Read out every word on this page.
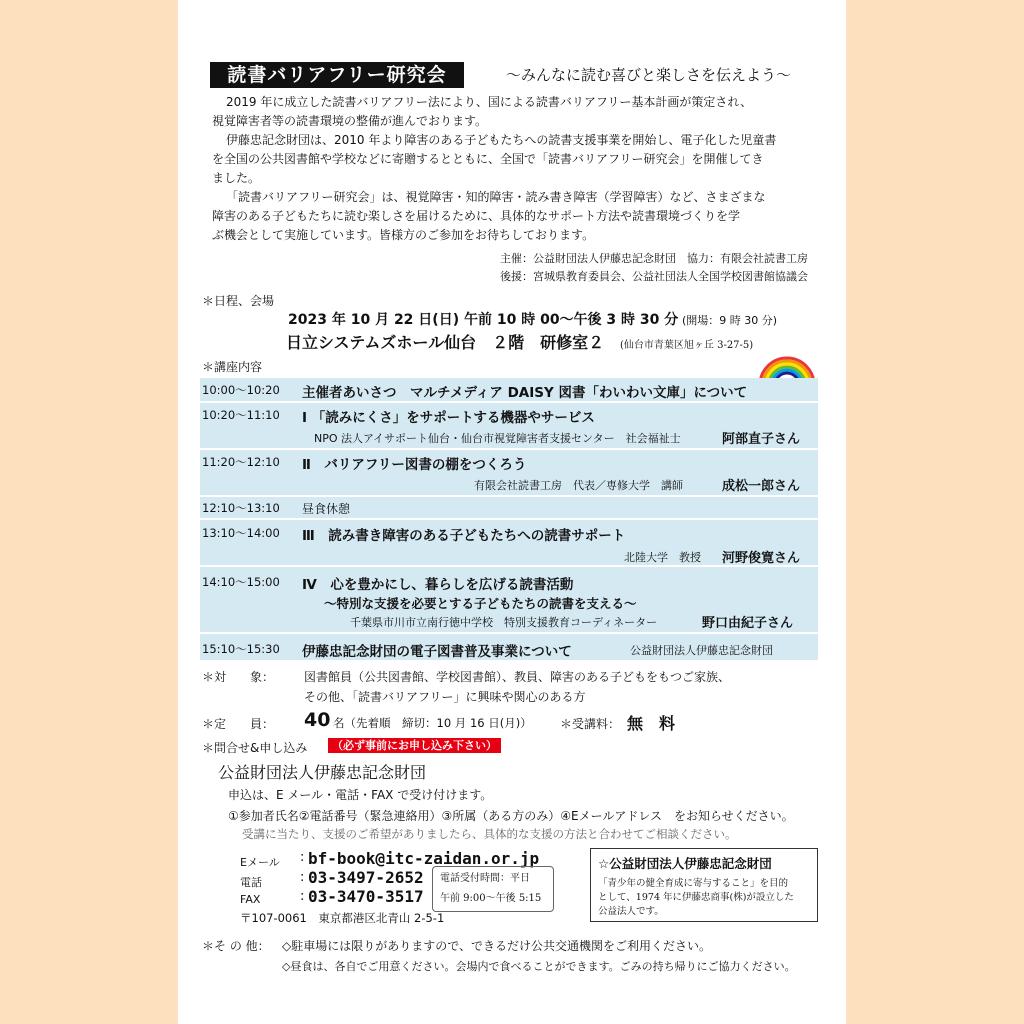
読書バリアフリー研究会	～みんなに読む喜びと楽しさを伝えよう～
2019 年に成立した読書バリアフリー法により、国による読書バリアフリー基本計画が策定され、
視覚障害者等の読書環境の整備が進んでおります。
伊藤忠記念財団は、2010 年より障害のある子どもたちへの読書支援事業を開始し、電子化した児童書
を全国の公共図書館や学校などに寄贈するとともに、全国で「読書バリアフリー研究会」を開催してき
ました。
「読書バリアフリー研究会」は、視覚障害・知的障害・読み書き障害（学習障害）など、さまざまな
障害のある子どもたちに読む楽しさを届けるために、具体的なサポート方法や読書環境づくりを学
ぶ機会として実施しています。皆様方のご参加をお待ちしております。
主催：公益財団法人伊藤忠記念財団　協力：有限会社読書工房
後援：宮城県教育委員会、公益社団法人全国学校図書館協議会
＊日程、会場
2023 年 10 月 22 日(日) 午前 10 時 00～午後 3 時 30 分 (開場：9 時 30 分)
日立システムズホール仙台　２階　研修室２ (仙台市青葉区旭ヶ丘 3-27-5)
＊講座内容
10:00～10:20 主催者あいさつ　マルチメディア DAISY 図書「わいわい文庫」について
10:20～11:10 Ⅰ 「読みにくさ」をサポートする機器やサービス
NPO 法人アイサポート仙台・仙台市視覚障害者支援センター　社会福祉士	阿部直子さん
11:20～12:10 Ⅱ　バリアフリー図書の棚をつくろう
有限会社読書工房　代表／専修大学　講師	成松一郎さん
12:10～13:10 昼食休憩
13:10～14:00 Ⅲ　読み書き障害のある子どもたちへの読書サポート
北陸大学　教授 河野俊寛さん
14:10～15:00 Ⅳ　心を豊かにし、暮らしを広げる読書活動
～特別な支援を必要とする子どもたちの読書を支える～
千葉県市川市立南行徳中学校　特別支援教育コーディネーター	野口由紀子さん
15:10～15:30 伊藤忠記念財団の電子図書普及事業について	公益財団法人伊藤忠記念財団
＊対　　象： 図書館員（公共図書館、学校図書館）、教員、障害のある子どもをもつご家族、
その他、「読書バリアフリー」に興味や関心のある方
＊定　　員： 40 名（先着順　締切：10 月 16 日(月)） ＊受講料： 無　料
＊問合せ&申し込み	（必ず事前にお申し込み下さい）
公益財団法人伊藤忠記念財団
申込は、E メール・電話・FAX で受け付けます。
①参加者氏名②電話番号（緊急連絡用）③所属（ある方のみ）④Eメールアドレス　をお知らせください。
受講に当たり、支援のご希望がありましたら、具体的な支援の方法と合わせてご相談ください。
Eメール : bf-book@itc-zaidan.or.jp
電話	: 03-3497-2652
FAX	: 03-3470-3517
電話受付時間：平日
午前 9:00～午後 5:15
〒107-0061　東京都港区北青山 2-5-1
☆公益財団法人伊藤忠記念財団
「青少年の健全育成に寄与すること」を目的
として、1974 年に伊藤忠商事(株)が設立した
公益法人です。
＊そ の 他： ◇駐車場には限りがありますので、できるだけ公共交通機関をご利用ください。
◇昼食は、各自でご用意ください。会場内で食べることができます。ごみの持ち帰りにご協力ください。
